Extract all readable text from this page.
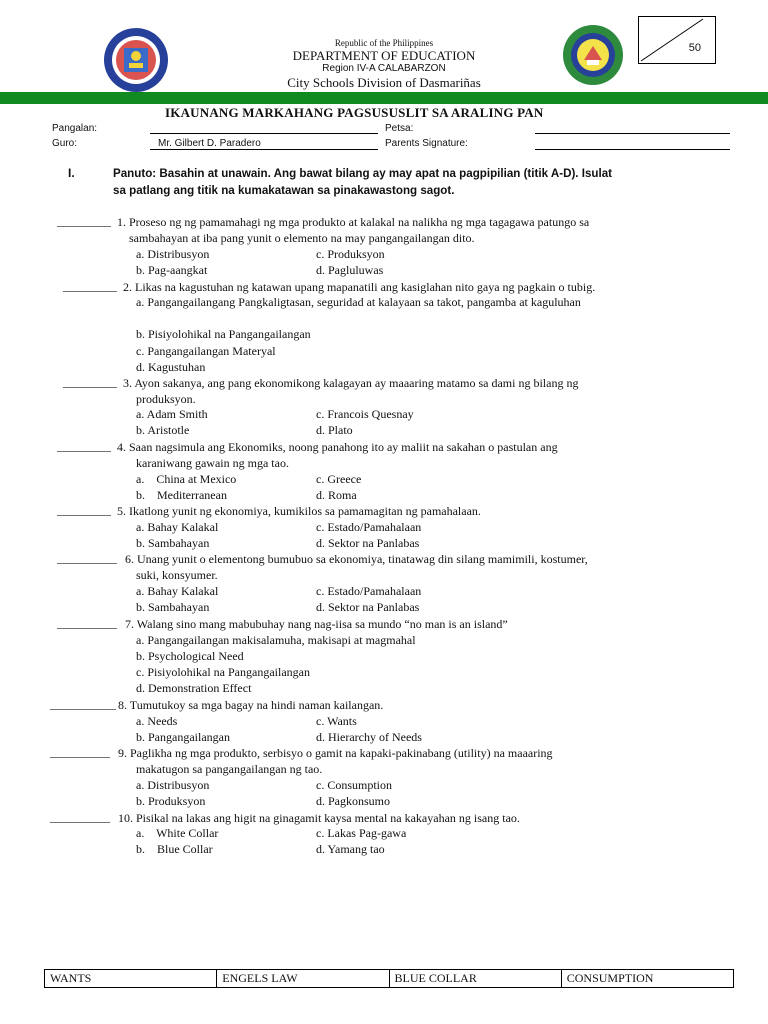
Republic of the Philippines
DEPARTMENT OF EDUCATION
Region IV-A CALABARZON
City Schools Division of Dasmariñas
50
IKAUNANG MARKAHANG PAGSUSUSLIT SA ARALING PAN
Pangalan:	Petsa:
Guro:	Mr. Gilbert D. Paradero	Parents Signature:
I.	Panuto: Basahin at unawain. Ang bawat bilang ay may apat na pagpipilian (titik A-D). Isulat
sa patlang ang titik na kumakatawan sa pinakawastong sagot.
_________ 1. Proseso ng ng pamamahagi ng mga produkto at kalakal na nalikha ng mga tagagawa patungo sa
sambahayan at iba pang yunit o elemento na may pangangailangan dito.
a. Distribusyon	c. Produksyon
b. Pag-aangkat	d. Pagluluwas
_________ 2. Likas na kagustuhan ng katawan upang mapanatili ang kasiglahan nito gaya ng pagkain o tubig.
a. Pangangailangang Pangkaligtasan, seguridad at kalayaan sa takot, pangamba at kaguluhan
b. Pisiyolohikal na Pangangailangan
c. Pangangailangan Materyal
d. Kagustuhan
_________ 3. Ayon sakanya, ang pang ekonomikong kalagayan ay maaaring matamo sa dami ng bilang ng
produksyon.
a. Adam Smith	c. Francois Quesnay
b. Aristotle	d. Plato
_________ 4. Saan nagsimula ang Ekonomiks, noong panahong ito ay maliit na sakahan o pastulan ang
karaniwang gawain ng mga tao.
a.    China at Mexico	c. Greece
b.    Mediterranean	d. Roma
_________ 5. Ikatlong yunit ng ekonomiya, kumikilos sa pamamagitan ng pamahalaan.
a. Bahay Kalakal	c. Estado/Pamahalaan
b. Sambahayan	d. Sektor na Panlabas
__________ 6. Unang yunit o elementong bumubuo sa ekonomiya, tinatawag din silang mamimili, kostumer,
suki, konsyumer.
a. Bahay Kalakal	c. Estado/Pamahalaan
b. Sambahayan	d. Sektor na Panlabas
__________ 7. Walang sino mang mabubuhay nang nag-iisa sa mundo “no man is an island”
a. Pangangailangan makisalamuha, makisapi at magmahal
b. Psychological Need
c. Pisiyolohikal na Pangangailangan
d. Demonstration Effect
___________ 8. Tumutukoy sa mga bagay na hindi naman kailangan.
a. Needs	c. Wants
b. Pangangailangan	d. Hierarchy of Needs
__________ 9. Paglikha ng mga produkto, serbisyo o gamit na kapaki-pakinabang (utility) na maaaring
makatugon sa pangangailangan ng tao.
a. Distribusyon	c. Consumption
b. Produksyon	d. Pagkonsumo
__________ 10. Pisikal na lakas ang higit na ginagamit kaysa mental na kakayahan ng isang tao.
a.    White Collar	c. Lakas Pag-gawa
b.    Blue Collar	d. Yamang tao
WANTS	ENGELS LAW	BLUE COLLAR	CONSUMPTION
